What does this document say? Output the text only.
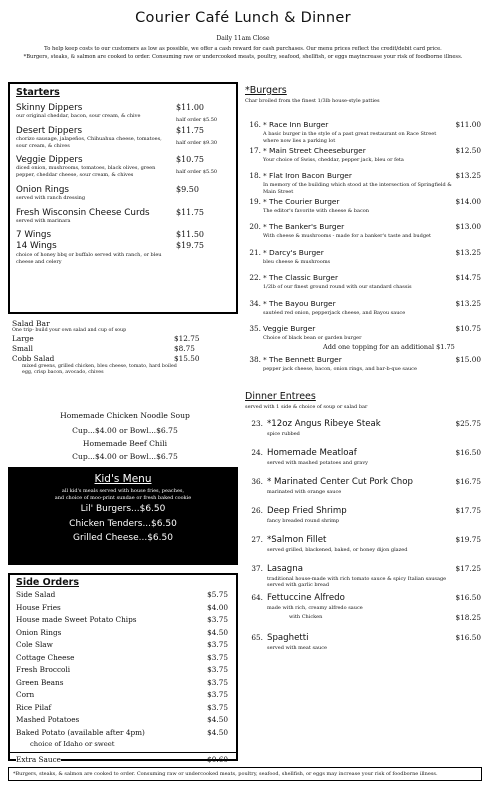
Courier Café Lunch & Dinner
Daily 11am Close
To help keep costs to our customers as low as possible, we offer a cash reward for cash purchases. Our menu prices reflect the credit/debit card price.
*Burgers, steaks, & salmon are cooked to order. Consuming raw or undercooked meats, poultry, seafood, shellfish, or eggs mayincrease your risk of foodborne illness.
Starters
Skinny Dippers	$11.00
half order $5.50
our original cheddar, bacon, sour cream, & chive
Desert Dippers	$11.75
half order $9.30
chorizo sausage, jalapeños, Chihuahua cheese, tomatoes, sour cream, & chives
Veggie Dippers	$10.75
half order $5.50
diced onion, mushrooms, tomatoes, black olives, green pepper, cheddar cheese, sour cream, & chives
Onion Rings	$9.50
served with ranch dressing
Fresh Wisconsin Cheese Curds	$11.75
served with marinara
7 Wings	$11.50
14 Wings	$19.75
choice of honey bbq or buffalo served with ranch, or bleu cheese and celery
Salad Bar
One trip- build your own salad and cup of soup
Large	$12.75
Small	$8.75
Cobb Salad	$15.50
mixed greens, grilled chicken, bleu cheese, tomato, hard boiled egg, crisp bacon, avocado, chives
Homemade Chicken Noodle Soup
Cup...$4.00 or Bowl...$6.75
Homemade Beef Chili
Cup...$4.00 or Bowl...$6.75
Kid's Menu
all kid's meals served with house fries, peaches,
and choice of moo-print sundae or fresh baked cookie
Lil' Burgers...$6.50
Chicken Tenders...$6.50
Grilled Cheese...$6.50
Side Orders
Side Salad	$5.75
House Fries	$4.00
House made Sweet Potato Chips	$3.75
Onion Rings	$4.50
Cole Slaw	$3.75
Cottage Cheese	$3.75
Fresh Broccoli	$3.75
Green Beans	$3.75
Corn	$3.75
Rice Pilaf	$3.75
Mashed Potatoes	$4.50
Baked Potato (available after 4pm)	$4.50
choice of Idaho or sweet
Extra Sauce	$0.60
*Burgers
Char broiled from the finest 1/3lb house-style patties
16. * Race Inn Burger	$11.00
A basic burger in the style of a past great restaurant on Race Street where now lies a parking lot
17. * Main Street Cheeseburger	$12.50
Your choice of Swiss, cheddar, pepper jack, bleu or feta
18. * Flat Iron Bacon Burger	$13.25
In memory of the building which stood at the intersection of Springfield & Main Street
19. * The Courier Burger	$14.00
The editor's favorite with cheese & bacon
20. * The Banker's Burger	$13.00
With cheese & mushrooms - made for a banker's taste and budget
21. * Darcy's Burger	$13.25
bleu cheese & mushrooms
22. * The Classic Burger	$14.75
1/2lb of our finest ground round with our standard chassis
34. * The Bayou Burger	$13.25
sautéed red onion, pepperjack cheese, and Bayou sauce
35. Veggie Burger	$10.75
Choice of black bean or garden burger
Add one topping for an additional $1.75
38. * The Bennett Burger	$15.00
pepper jack cheese, bacon, onion rings, and bar-b-que sauce
Dinner Entrees
served with 1 side & choice of soup or salad bar
23. *12oz Angus Ribeye Steak	$25.75
spice rubbed
24. Homemade Meatloaf	$16.50
served with mashed potatoes and gravy
36. * Marinated Center Cut Pork Chop	$16.75
marinated with orange sauce
26. Deep Fried Shrimp	$17.75
fancy breaded round shrimp
27. *Salmon Fillet	$19.75
served grilled, blackened, baked, or honey dijon glazed
37. Lasagna	$17.25
traditional house-made with rich tomato sauce & spicy Italian sausage served with garlic bread
64. Fettuccine Alfredo	$16.50
made with rich, creamy alfredo sauce
with Chicken	$18.25
65. Spaghetti	$16.50
served with meat sauce
*Burgers, steaks, & salmon are cooked to order. Consuming raw or undercooked meats, poultry, seafood, shellfish, or eggs may increase your risk of foodborne illness.
